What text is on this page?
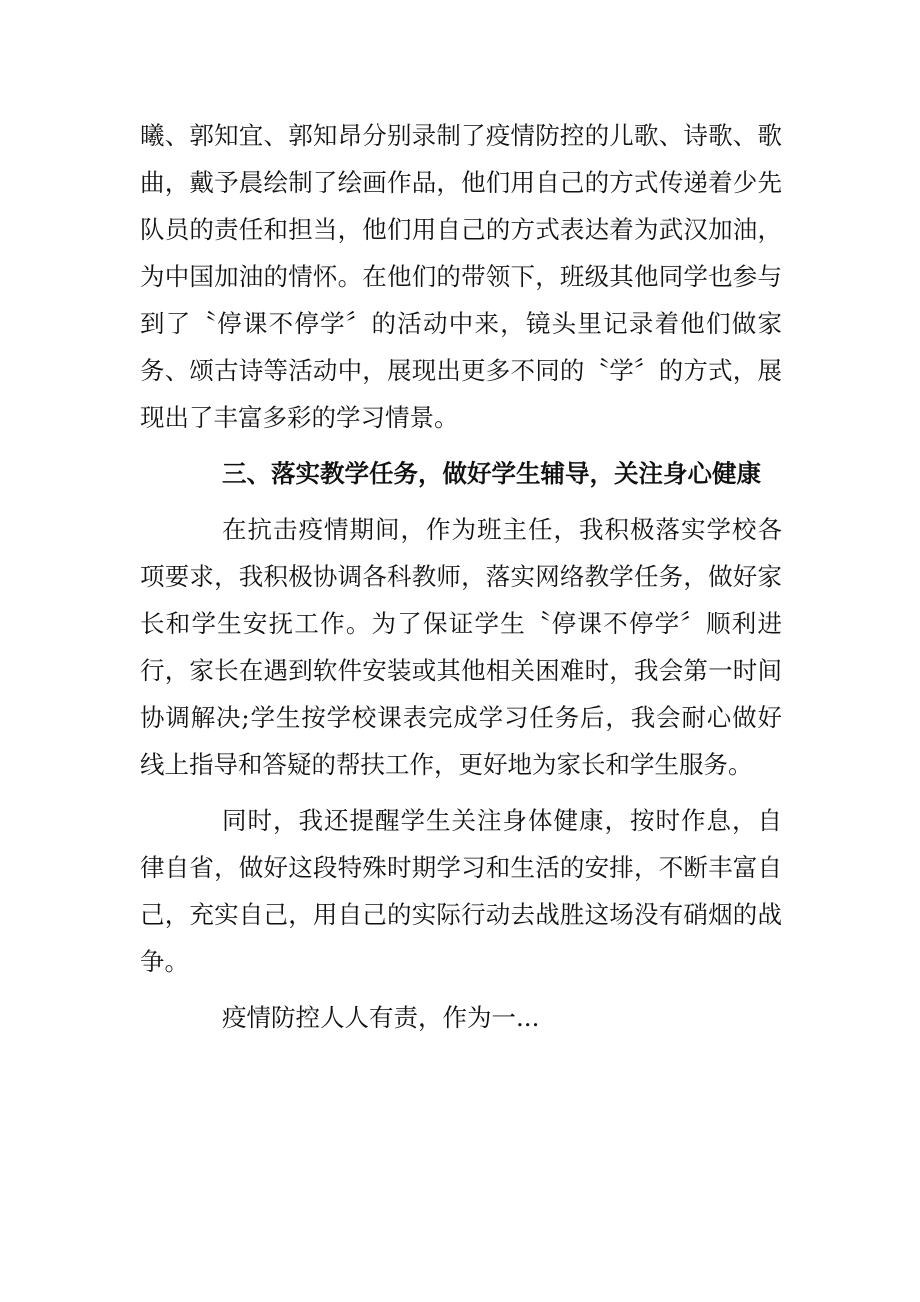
曦、郭知宜、郭知昂分别录制了疫情防控的儿歌、诗歌、歌曲，戴予晨绘制了绘画作品，他们用自己的方式传递着少先队员的责任和担当，他们用自己的方式表达着为武汉加油，为中国加油的情怀。在他们的带领下，班级其他同学也参与到了〝停课不停学〞的活动中来，镜头里记录着他们做家务、颂古诗等活动中，展现出更多不同的〝学〞的方式，展现出了丰富多彩的学习情景。

三、落实教学任务，做好学生辅导，关注身心健康

在抗击疫情期间，作为班主任，我积极落实学校各项要求，我积极协调各科教师，落实网络教学任务，做好家长和学生安抚工作。为了保证学生〝停课不停学〞顺利进行，家长在遇到软件安装或其他相关困难时，我会第一时间协调解决;学生按学校课表完成学习任务后，我会耐心做好线上指导和答疑的帮扶工作，更好地为家长和学生服务。

同时，我还提醒学生关注身体健康，按时作息，自律自省，做好这段特殊时期学习和生活的安排，不断丰富自己，充实自己，用自己的实际行动去战胜这场没有硝烟的战争。

疫情防控人人有责，作为一...
